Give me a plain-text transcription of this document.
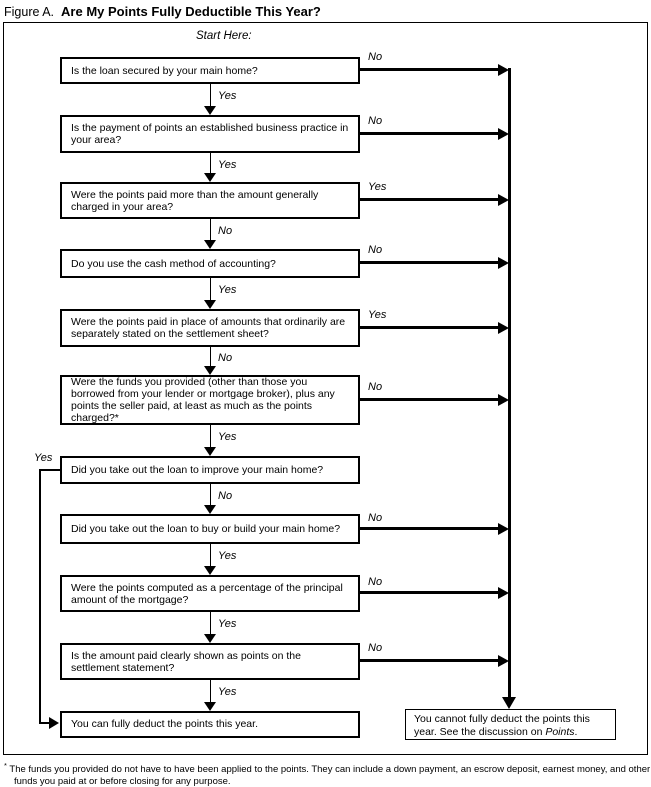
Figure A. Are My Points Fully Deductible This Year?
Start Here:
Is the loan secured by your main home?
Is the payment of points an established business practice in your area?
Were the points paid more than the amount generally charged in your area?
Do you use the cash method of accounting?
Were the points paid in place of amounts that ordinarily are separately stated on the settlement sheet?
Were the funds you provided (other than those you borrowed from your lender or mortgage broker), plus any points the seller paid, at least as much as the points charged?*
Did you take out the loan to improve your main home?
Did you take out the loan to buy or build your main home?
Were the points computed as a percentage of the principal amount of the mortgage?
Is the amount paid clearly shown as points on the settlement statement?
Yes
Yes
No
Yes
No
Yes
No
Yes
Yes
Yes
No
No
Yes
No
Yes
No
No
No
No
Yes
You can fully deduct the points this year.	You cannot fully deduct the points this year. See the discussion on Points.
* The funds you provided do not have to have been applied to the points. They can include a down payment, an escrow deposit, earnest money, and other funds you paid at or before closing for any purpose.
